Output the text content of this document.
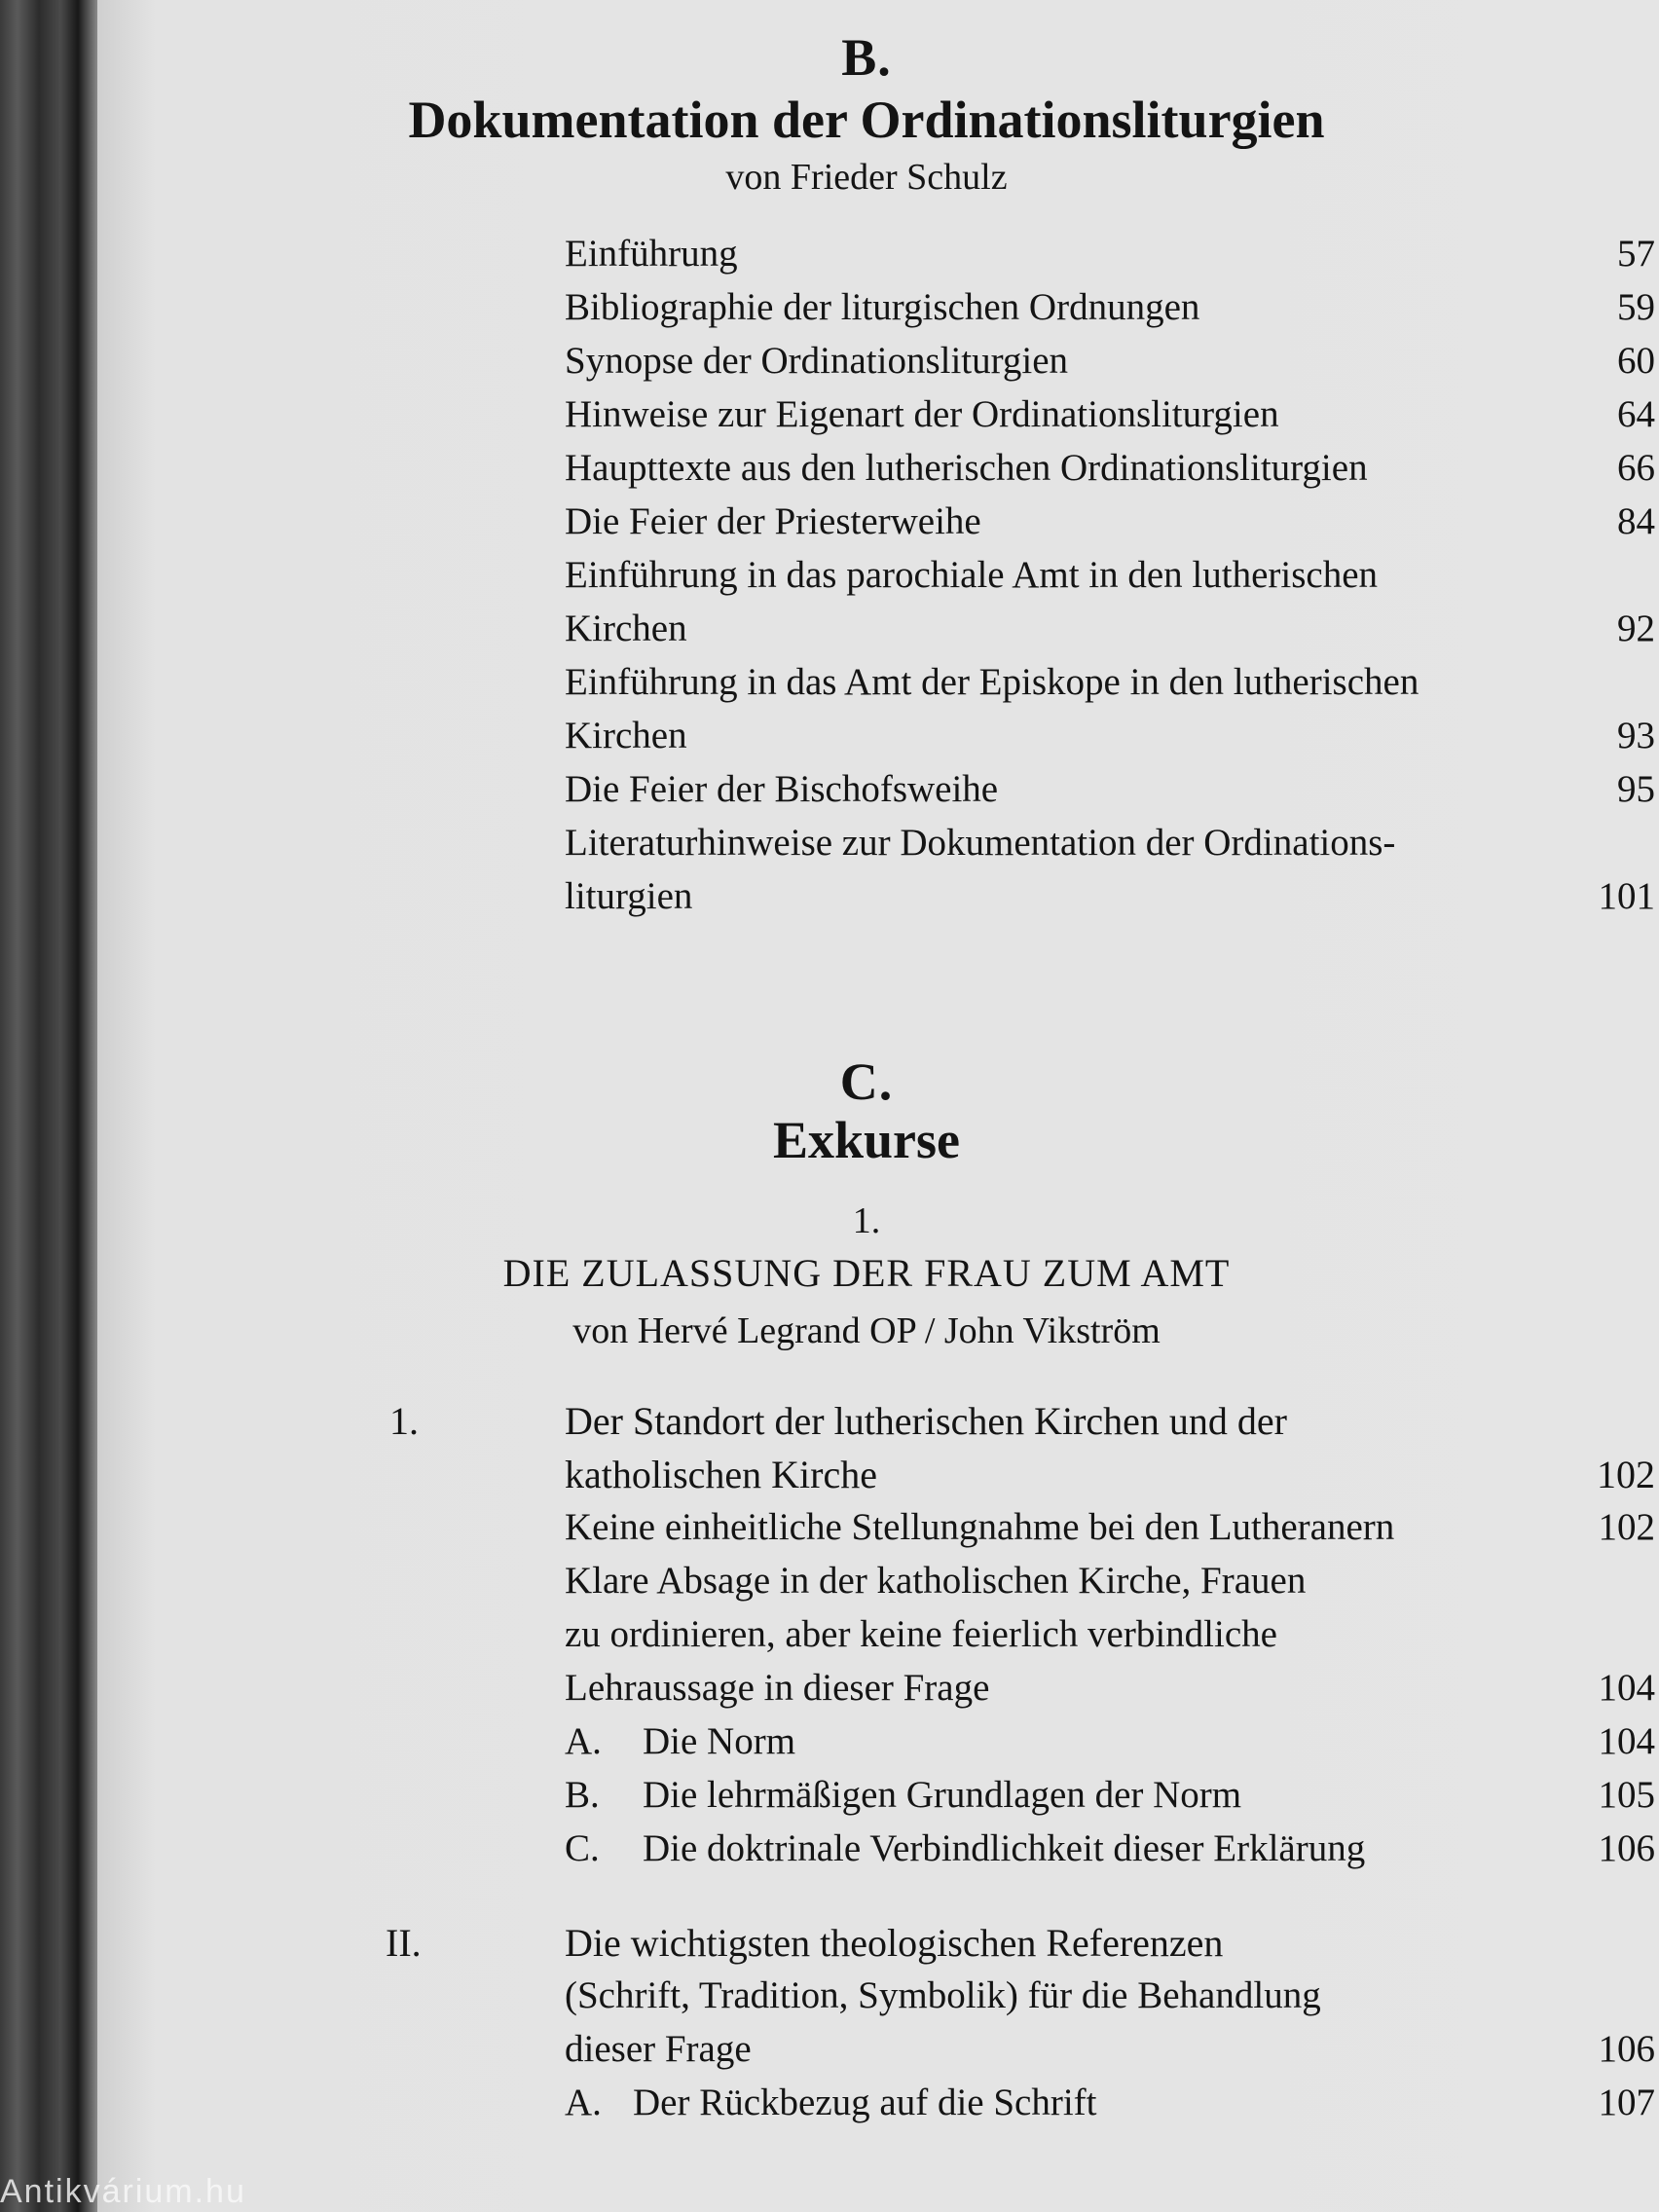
B.
Dokumentation der Ordinationsliturgien
von Frieder Schulz
Einführung	57
Bibliographie der liturgischen Ordnungen	59
Synopse der Ordinationsliturgien	60
Hinweise zur Eigenart der Ordinationsliturgien	64
Haupttexte aus den lutherischen Ordinationsliturgien	66
Die Feier der Priesterweihe	84
Einführung in das parochiale Amt in den lutherischen
Kirchen	92
Einführung in das Amt der Episkope in den lutherischen
Kirchen	93
Die Feier der Bischofsweihe	95
Literaturhinweise zur Dokumentation der Ordinations-
liturgien	101
C.
Exkurse
1.
DIE ZULASSUNG DER FRAU ZUM AMT
von Hervé Legrand OP / John Vikström
1.	Der Standort der lutherischen Kirchen und der
katholischen Kirche	102
Keine einheitliche Stellungnahme bei den Lutheranern	102
Klare Absage in der katholischen Kirche, Frauen
zu ordinieren, aber keine feierlich verbindliche
Lehraussage in dieser Frage	104
A. Die Norm	104
B. Die lehrmäßigen Grundlagen der Norm	105
C. Die doktrinale Verbindlichkeit dieser Erklärung	106
II.	Die wichtigsten theologischen Referenzen
(Schrift, Tradition, Symbolik) für die Behandlung
dieser Frage	106
A. Der Rückbezug auf die Schrift	107
Antikvárium.hu
